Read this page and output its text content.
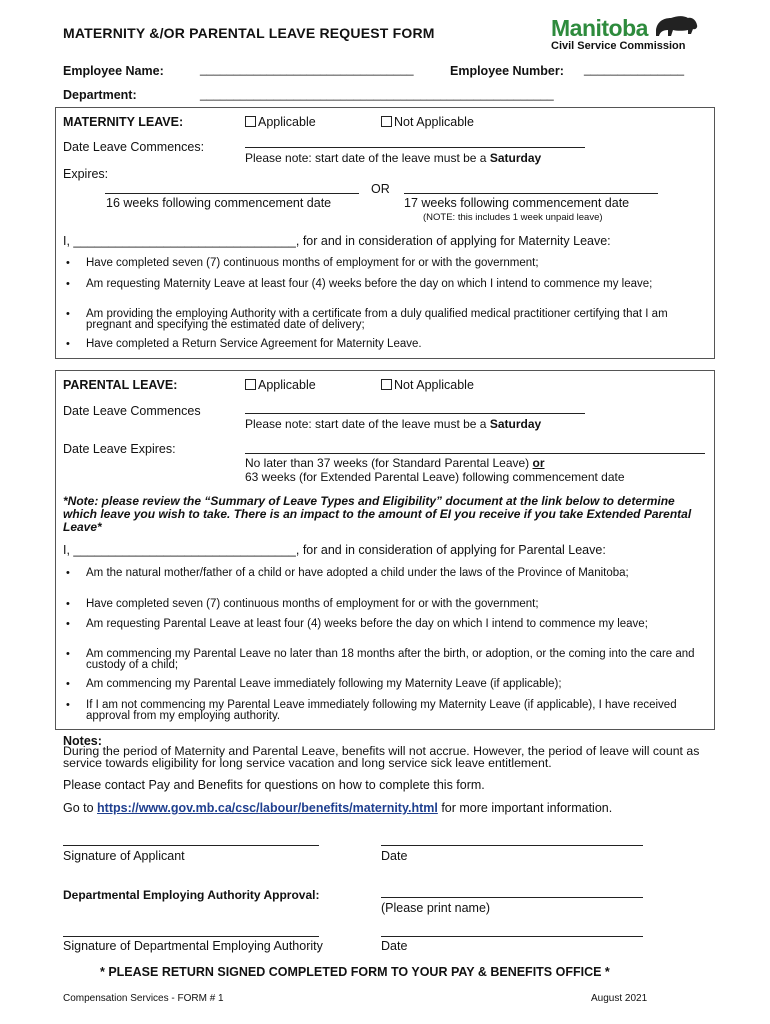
MATERNITY &/OR PARENTAL LEAVE REQUEST FORM	Manitoba
Civil Service Commission
Employee Name:	________________________________	Employee Number: _______________
Department:	_____________________________________________________
MATERNITY LEAVE:	Applicable	Not Applicable
Date Leave Commences:
Please note: start date of the leave must be a Saturday
Expires:
OR
16 weeks following commencement date	17 weeks following commencement date
(NOTE: this includes 1 week unpaid leave)
I, ________________________________, for and in consideration of applying for Maternity Leave:
• Have completed seven (7) continuous months of employment for or with the government;
• Am requesting Maternity Leave at least four (4) weeks before the day on which I intend to commence my leave;
• Am providing the employing Authority with a certificate from a duly qualified medical practitioner certifying that I am pregnant and specifying the estimated date of delivery;
• Have completed a Return Service Agreement for Maternity Leave.
PARENTAL LEAVE:	Applicable	Not Applicable
Date Leave Commences
Please note: start date of the leave must be a Saturday
Date Leave Expires:
No later than 37 weeks (for Standard Parental Leave) or
63 weeks (for Extended Parental Leave) following commencement date
*Note: please review the “Summary of Leave Types and Eligibility” document at the link below to determine which leave you wish to take. There is an impact to the amount of EI you receive if you take Extended Parental Leave*
I, ________________________________, for and in consideration of applying for Parental Leave:
• Am the natural mother/father of a child or have adopted a child under the laws of the Province of Manitoba;
• Have completed seven (7) continuous months of employment for or with the government;
• Am requesting Parental Leave at least four (4) weeks before the day on which I intend to commence my leave;
• Am commencing my Parental Leave no later than 18 months after the birth, or adoption, or the coming into the care and custody of a child;
• Am commencing my Parental Leave immediately following my Maternity Leave (if applicable);
• If I am not commencing my Parental Leave immediately following my Maternity Leave (if applicable), I have received approval from my employing authority.
Notes:
During the period of Maternity and Parental Leave, benefits will not accrue. However, the period of leave will count as service towards eligibility for long service vacation and long service sick leave entitlement.
Please contact Pay and Benefits for questions on how to complete this form.
Go to https://www.gov.mb.ca/csc/labour/benefits/maternity.html for more important information.
Signature of Applicant	Date
Departmental Employing Authority Approval:
(Please print name)
Signature of Departmental Employing Authority	Date
* PLEASE RETURN SIGNED COMPLETED FORM TO YOUR PAY & BENEFITS OFFICE *
Compensation Services - FORM # 1	August 2021
